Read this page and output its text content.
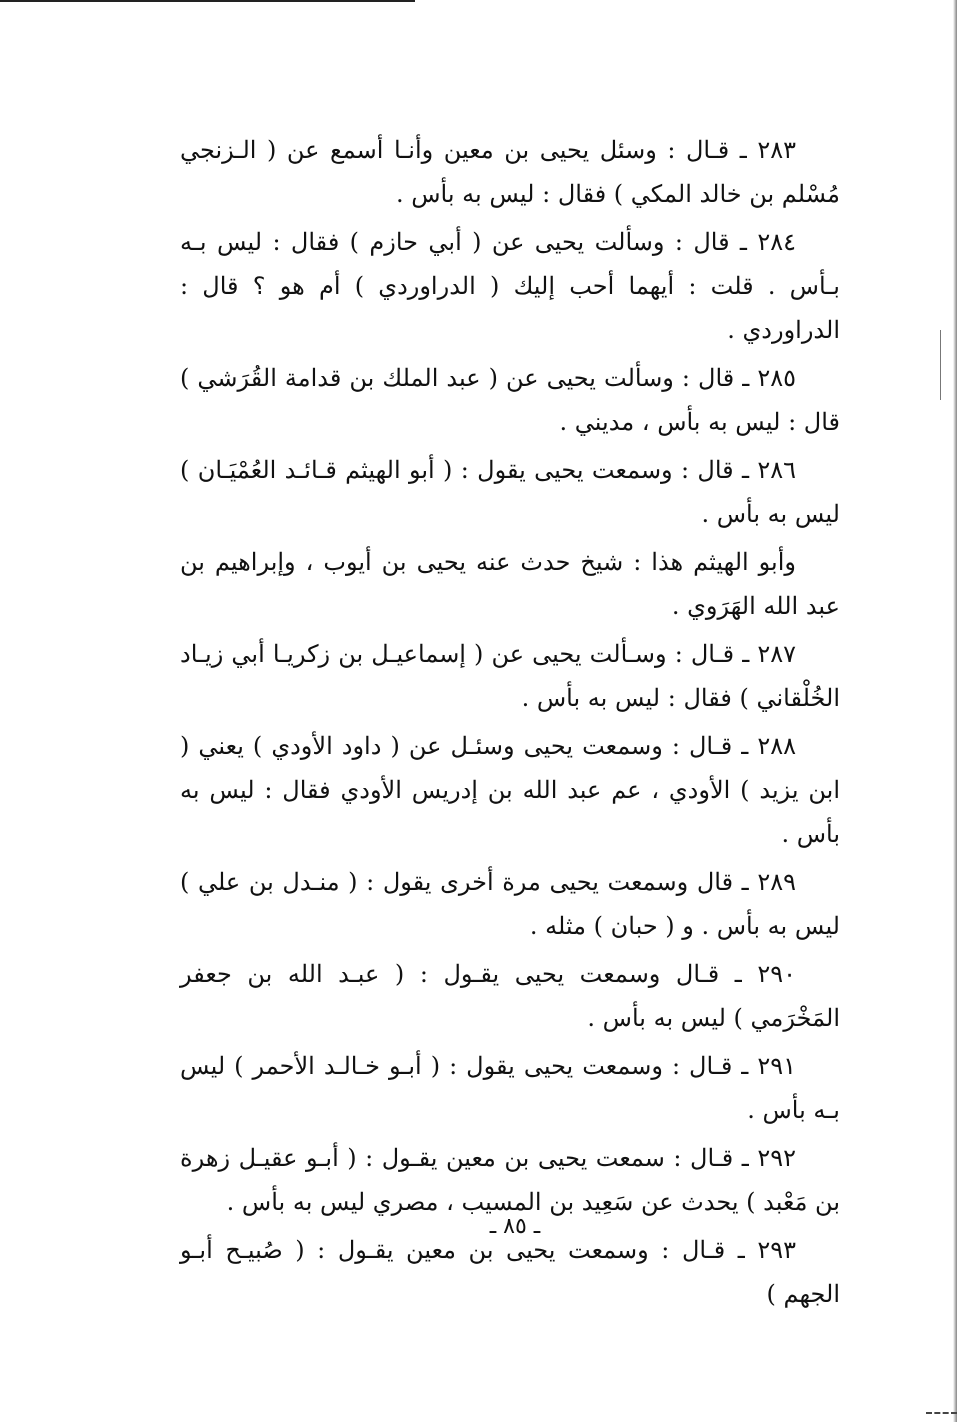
٢٨٣ ـ قـال : وسئل يحيى بن معين وأنـا أسمع عن ( الـزنجي مُسْلم بن خالد المكي ) فقال : ليس به بأس .

٢٨٤ ـ قال : وسألت يحيى عن ( أبي حازم ) فقال : ليس بـه بـأس . قلت : أيهما أحب إليك ( الدراوردي ) أم هو ؟ قال : الدراوردي .

٢٨٥ ـ قال : وسألت يحيى عن ( عبد الملك بن قدامة القُرَشي ) قال : ليس به بأس ، مديني .

٢٨٦ ـ قال : وسمعت يحيى يقول : ( أبو الهيثم قـائـد العُمْيَـان ) ليس به بأس .

وأبو الهيثم هذا : شيخ حدث عنه يحيى بن أيوب ، وإبراهيم بن عبد الله الهَرَوي .

٢٨٧ ـ قـال : وسـألت يحيى عن ( إسماعيـل بن زكريـا أبي زيـاد الخُلْقاني ) فقال : ليس به بأس .

٢٨٨ ـ قـال : وسمعت يحيى وسئـل عن ( داود الأودي ) يعني ( ابن يزيد ) الأودي ، عم عبد الله بن إدريس الأودي فقال : ليس به بأس .

٢٨٩ ـ قال وسمعت يحيى مرة أخرى يقول : ( منـدل بن علي ) ليس به بأس . و ( حبان ) مثله .

٢٩٠ ـ قـال وسمعت يحيى يقـول : ( عبـد الله بن جعفر المَخْرَمي ) ليس به بأس .

٢٩١ ـ قـال : وسمعت يحيى يقول : ( أبـو خـالـد الأحمر ) ليس بـه بأس .

٢٩٢ ـ قـال : سمعت يحيى بن معين يقـول : ( أبـو عقيـل زهرة بن مَعْبد ) يحدث عن سَعِيد بن المسيب ، مصري ليس به بأس .

٢٩٣ ـ قـال : وسمعت يحيى بن معين يقـول : ( صُبيـح أبـو الجهم )

ـ ٨٥ ـ
